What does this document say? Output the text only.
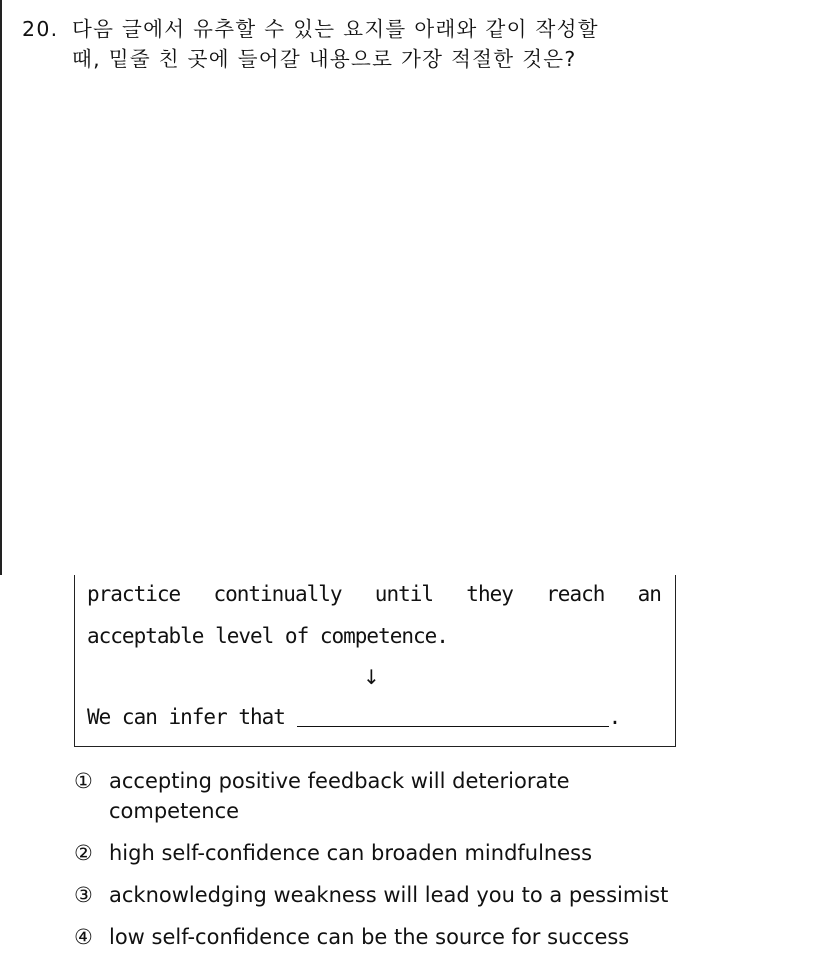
20. 다음 글에서 유추할 수 있는 요지를 아래와 같이 작성할
때, 밑줄 친 곳에 들어갈 내용으로 가장 적절한 것은?
practice continually until they reach an
acceptable level of competence.
↓
We can infer that	.
① accepting positive feedback will deteriorate
competence
② high self-confidence can broaden mindfulness
③ acknowledging weakness will lead you to a pessimist
④ low self-confidence can be the source for success
